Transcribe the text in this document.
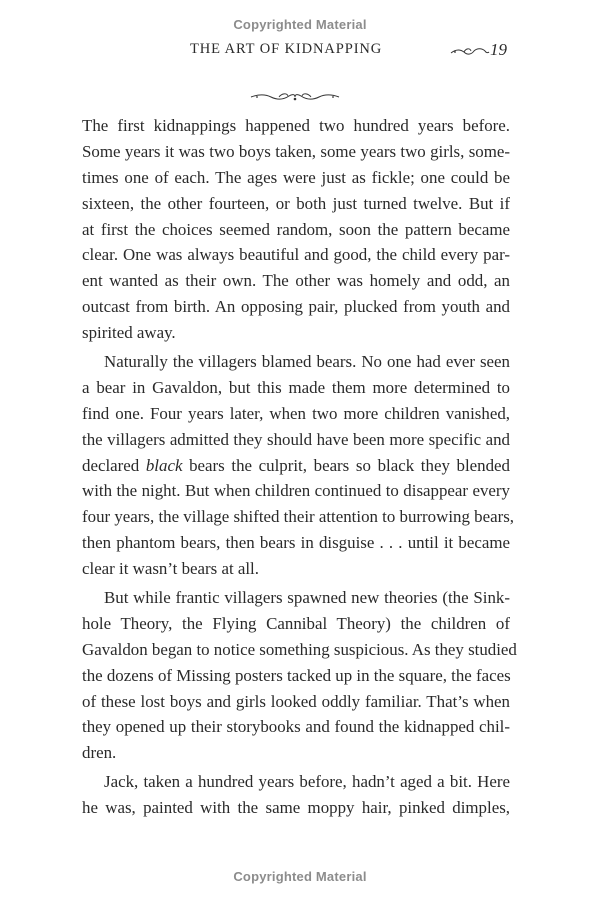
Copyrighted Material
THE ART OF KIDNAPPING	19
The first kidnappings happened two hundred years before.
Some years it was two boys taken, some years two girls, some-
times one of each. The ages were just as fickle; one could be
sixteen, the other fourteen, or both just turned twelve. But if
at first the choices seemed random, soon the pattern became
clear. One was always beautiful and good, the child every par-
ent wanted as their own. The other was homely and odd, an
outcast from birth. An opposing pair, plucked from youth and
spirited away.
Naturally the villagers blamed bears. No one had ever seen
a bear in Gavaldon, but this made them more determined to
find one. Four years later, when two more children vanished,
the villagers admitted they should have been more specific and
declared black bears the culprit, bears so black they blended
with the night. But when children continued to disappear every
four years, the village shifted their attention to burrowing bears,
then phantom bears, then bears in disguise . . . until it became
clear it wasn’t bears at all.
But while frantic villagers spawned new theories (the Sink-
hole Theory, the Flying Cannibal Theory) the children of
Gavaldon began to notice something suspicious. As they studied
the dozens of Missing posters tacked up in the square, the faces
of these lost boys and girls looked oddly familiar. That’s when
they opened up their storybooks and found the kidnapped chil-
dren.
Jack, taken a hundred years before, hadn’t aged a bit. Here
he was, painted with the same moppy hair, pinked dimples,
Copyrighted Material
